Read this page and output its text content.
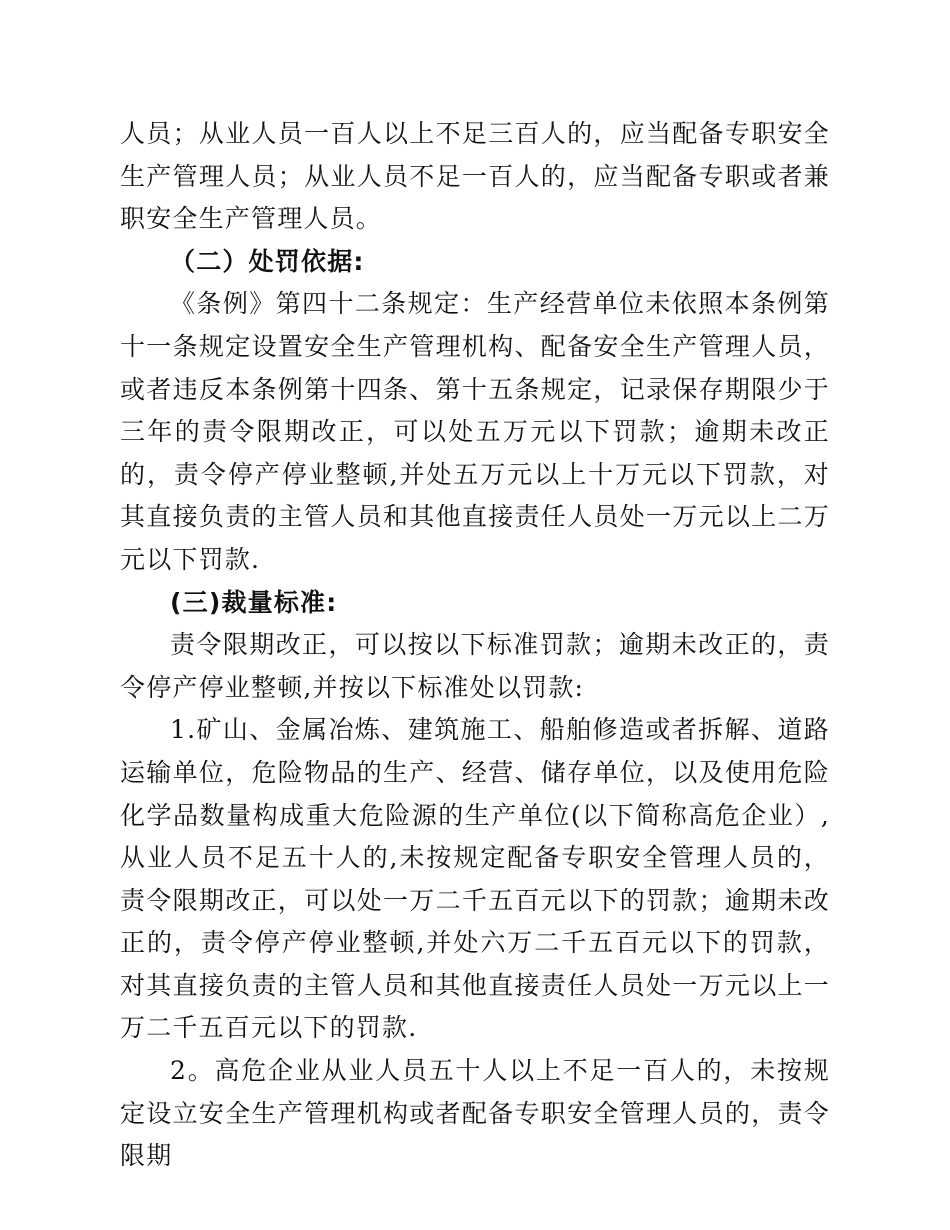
人员；从业人员一百人以上不足三百人的，应当配备专职安全生产管理人员；从业人员不足一百人的，应当配备专职或者兼职安全生产管理人员。

（二）处罚依据:

《条例》第四十二条规定：生产经营单位未依照本条例第十一条规定设置安全生产管理机构、配备安全生产管理人员，或者违反本条例第十四条、第十五条规定，记录保存期限少于三年的责令限期改正，可以处五万元以下罚款；逾期未改正的，责令停产停业整顿,并处五万元以上十万元以下罚款，对其直接负责的主管人员和其他直接责任人员处一万元以上二万元以下罚款.

(三)裁量标准:

责令限期改正，可以按以下标准罚款；逾期未改正的，责令停产停业整顿,并按以下标准处以罚款:

1.矿山、金属冶炼、建筑施工、船舶修造或者拆解、道路运输单位，危险物品的生产、经营、储存单位，以及使用危险化学品数量构成重大危险源的生产单位(以下简称高危企业）,从业人员不足五十人的,未按规定配备专职安全管理人员的，责令限期改正，可以处一万二千五百元以下的罚款；逾期未改正的，责令停产停业整顿,并处六万二千五百元以下的罚款，对其直接负责的主管人员和其他直接责任人员处一万元以上一万二千五百元以下的罚款.

2。高危企业从业人员五十人以上不足一百人的，未按规定设立安全生产管理机构或者配备专职安全管理人员的，责令限期
